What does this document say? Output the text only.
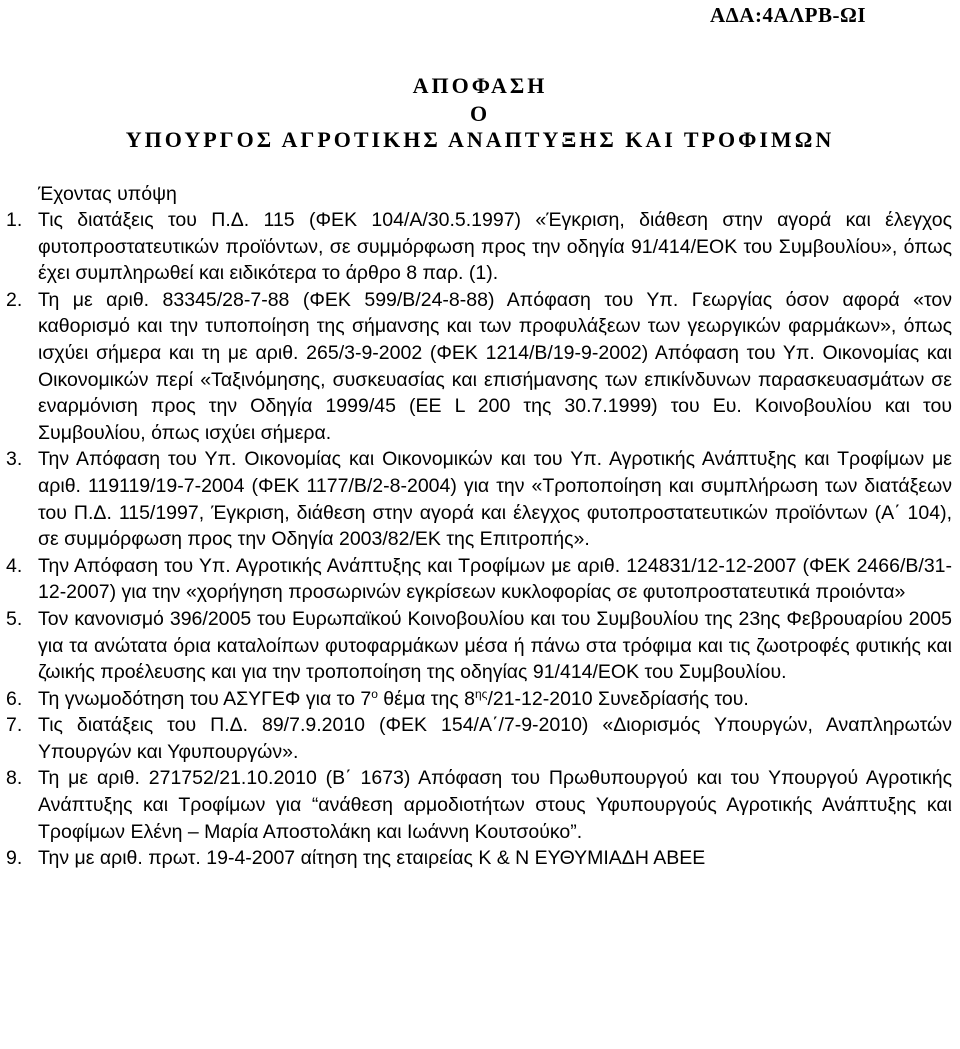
ΑΔΑ:4ΑΛΡΒ-ΩΙ
ΑΠΟΦΑΣΗ
Ο
ΥΠΟΥΡΓΟΣ ΑΓΡΟΤΙΚΗΣ ΑΝΑΠΤΥΞΗΣ ΚΑΙ ΤΡΟΦΙΜΩΝ
Έχοντας υπόψη
1. Τις διατάξεις του Π.Δ. 115 (ΦΕΚ 104/Α/30.5.1997) «Έγκριση, διάθεση στην αγορά και έλεγχος φυτοπροστατευτικών προϊόντων, σε συμμόρφωση προς την οδηγία 91/414/ΕΟΚ του Συμβουλίου», όπως έχει συμπληρωθεί και ειδικότερα το άρθρο 8 παρ. (1).
2. Τη με αριθ. 83345/28-7-88 (ΦΕΚ 599/Β/24-8-88) Απόφαση του Υπ. Γεωργίας όσον αφορά «τον καθορισμό και την τυποποίηση της σήμανσης και των προφυλάξεων των γεωργικών φαρμάκων», όπως ισχύει σήμερα και τη με αριθ. 265/3-9-2002 (ΦΕΚ 1214/Β/19-9-2002) Απόφαση του Υπ. Οικονομίας και Οικονομικών περί «Ταξινόμησης, συσκευασίας και επισήμανσης των επικίνδυνων παρασκευασμάτων σε εναρμόνιση προς την Οδηγία 1999/45 (ΕΕ L 200 της 30.7.1999) του Ευ. Κοινοβουλίου και του Συμβουλίου, όπως ισχύει σήμερα.
3. Την Απόφαση του Υπ. Οικονομίας και Οικονομικών και του Υπ. Αγροτικής Ανάπτυξης και Τροφίμων με αριθ. 119119/19-7-2004 (ΦΕΚ 1177/Β/2-8-2004) για την «Τροποποίηση και συμπλήρωση των διατάξεων του Π.Δ. 115/1997, Έγκριση, διάθεση στην αγορά και έλεγχος φυτοπροστατευτικών προϊόντων (Α΄ 104), σε συμμόρφωση προς την Οδηγία 2003/82/ΕΚ της Επιτροπής».
4. Την Απόφαση του Υπ. Αγροτικής Ανάπτυξης και Τροφίμων με αριθ. 124831/12-12-2007 (ΦΕΚ 2466/Β/31-12-2007) για την «χορήγηση προσωρινών εγκρίσεων κυκλοφορίας σε φυτοπροστατευτικά προιόντα»
5. Τον κανονισμό 396/2005 του Ευρωπαϊκού Κοινοβουλίου και του Συμβουλίου της 23ης Φεβρουαρίου 2005 για τα ανώτατα όρια καταλοίπων φυτοφαρμάκων μέσα ή πάνω στα τρόφιμα και τις ζωοτροφές φυτικής και ζωικής προέλευσης και για την τροποποίηση της οδηγίας 91/414/ΕΟΚ του Συμβουλίου.
6. Τη γνωμοδότηση του ΑΣΥΓΕΦ για το $7^o$ θέμα της $8^{\eta\varsigma}/21-12-2010$ Συνεδρίασής του.
7. Τις διατάξεις του Π.Δ. 89/7.9.2010 (ΦΕΚ 154/Α΄/7-9-2010) «Διορισμός Υπουργών, Αναπληρωτών Υπουργών και Υφυπουργών».
8. Τη με αριθ. 271752/21.10.2010 (Β΄ 1673) Απόφαση του Πρωθυπουργού και του Υπουργού Αγροτικής Ανάπτυξης και Τροφίμων για “ανάθεση αρμοδιοτήτων στους Υφυπουργούς Αγροτικής Ανάπτυξης και Τροφίμων Ελένη – Μαρία Αποστολάκη και Ιωάννη Κουτσούκο”.
9. Την με αριθ. πρωτ. 19-4-2007 αίτηση της εταιρείας Κ & Ν ΕΥΘΥΜΙΑΔΗ ΑΒΕΕ
